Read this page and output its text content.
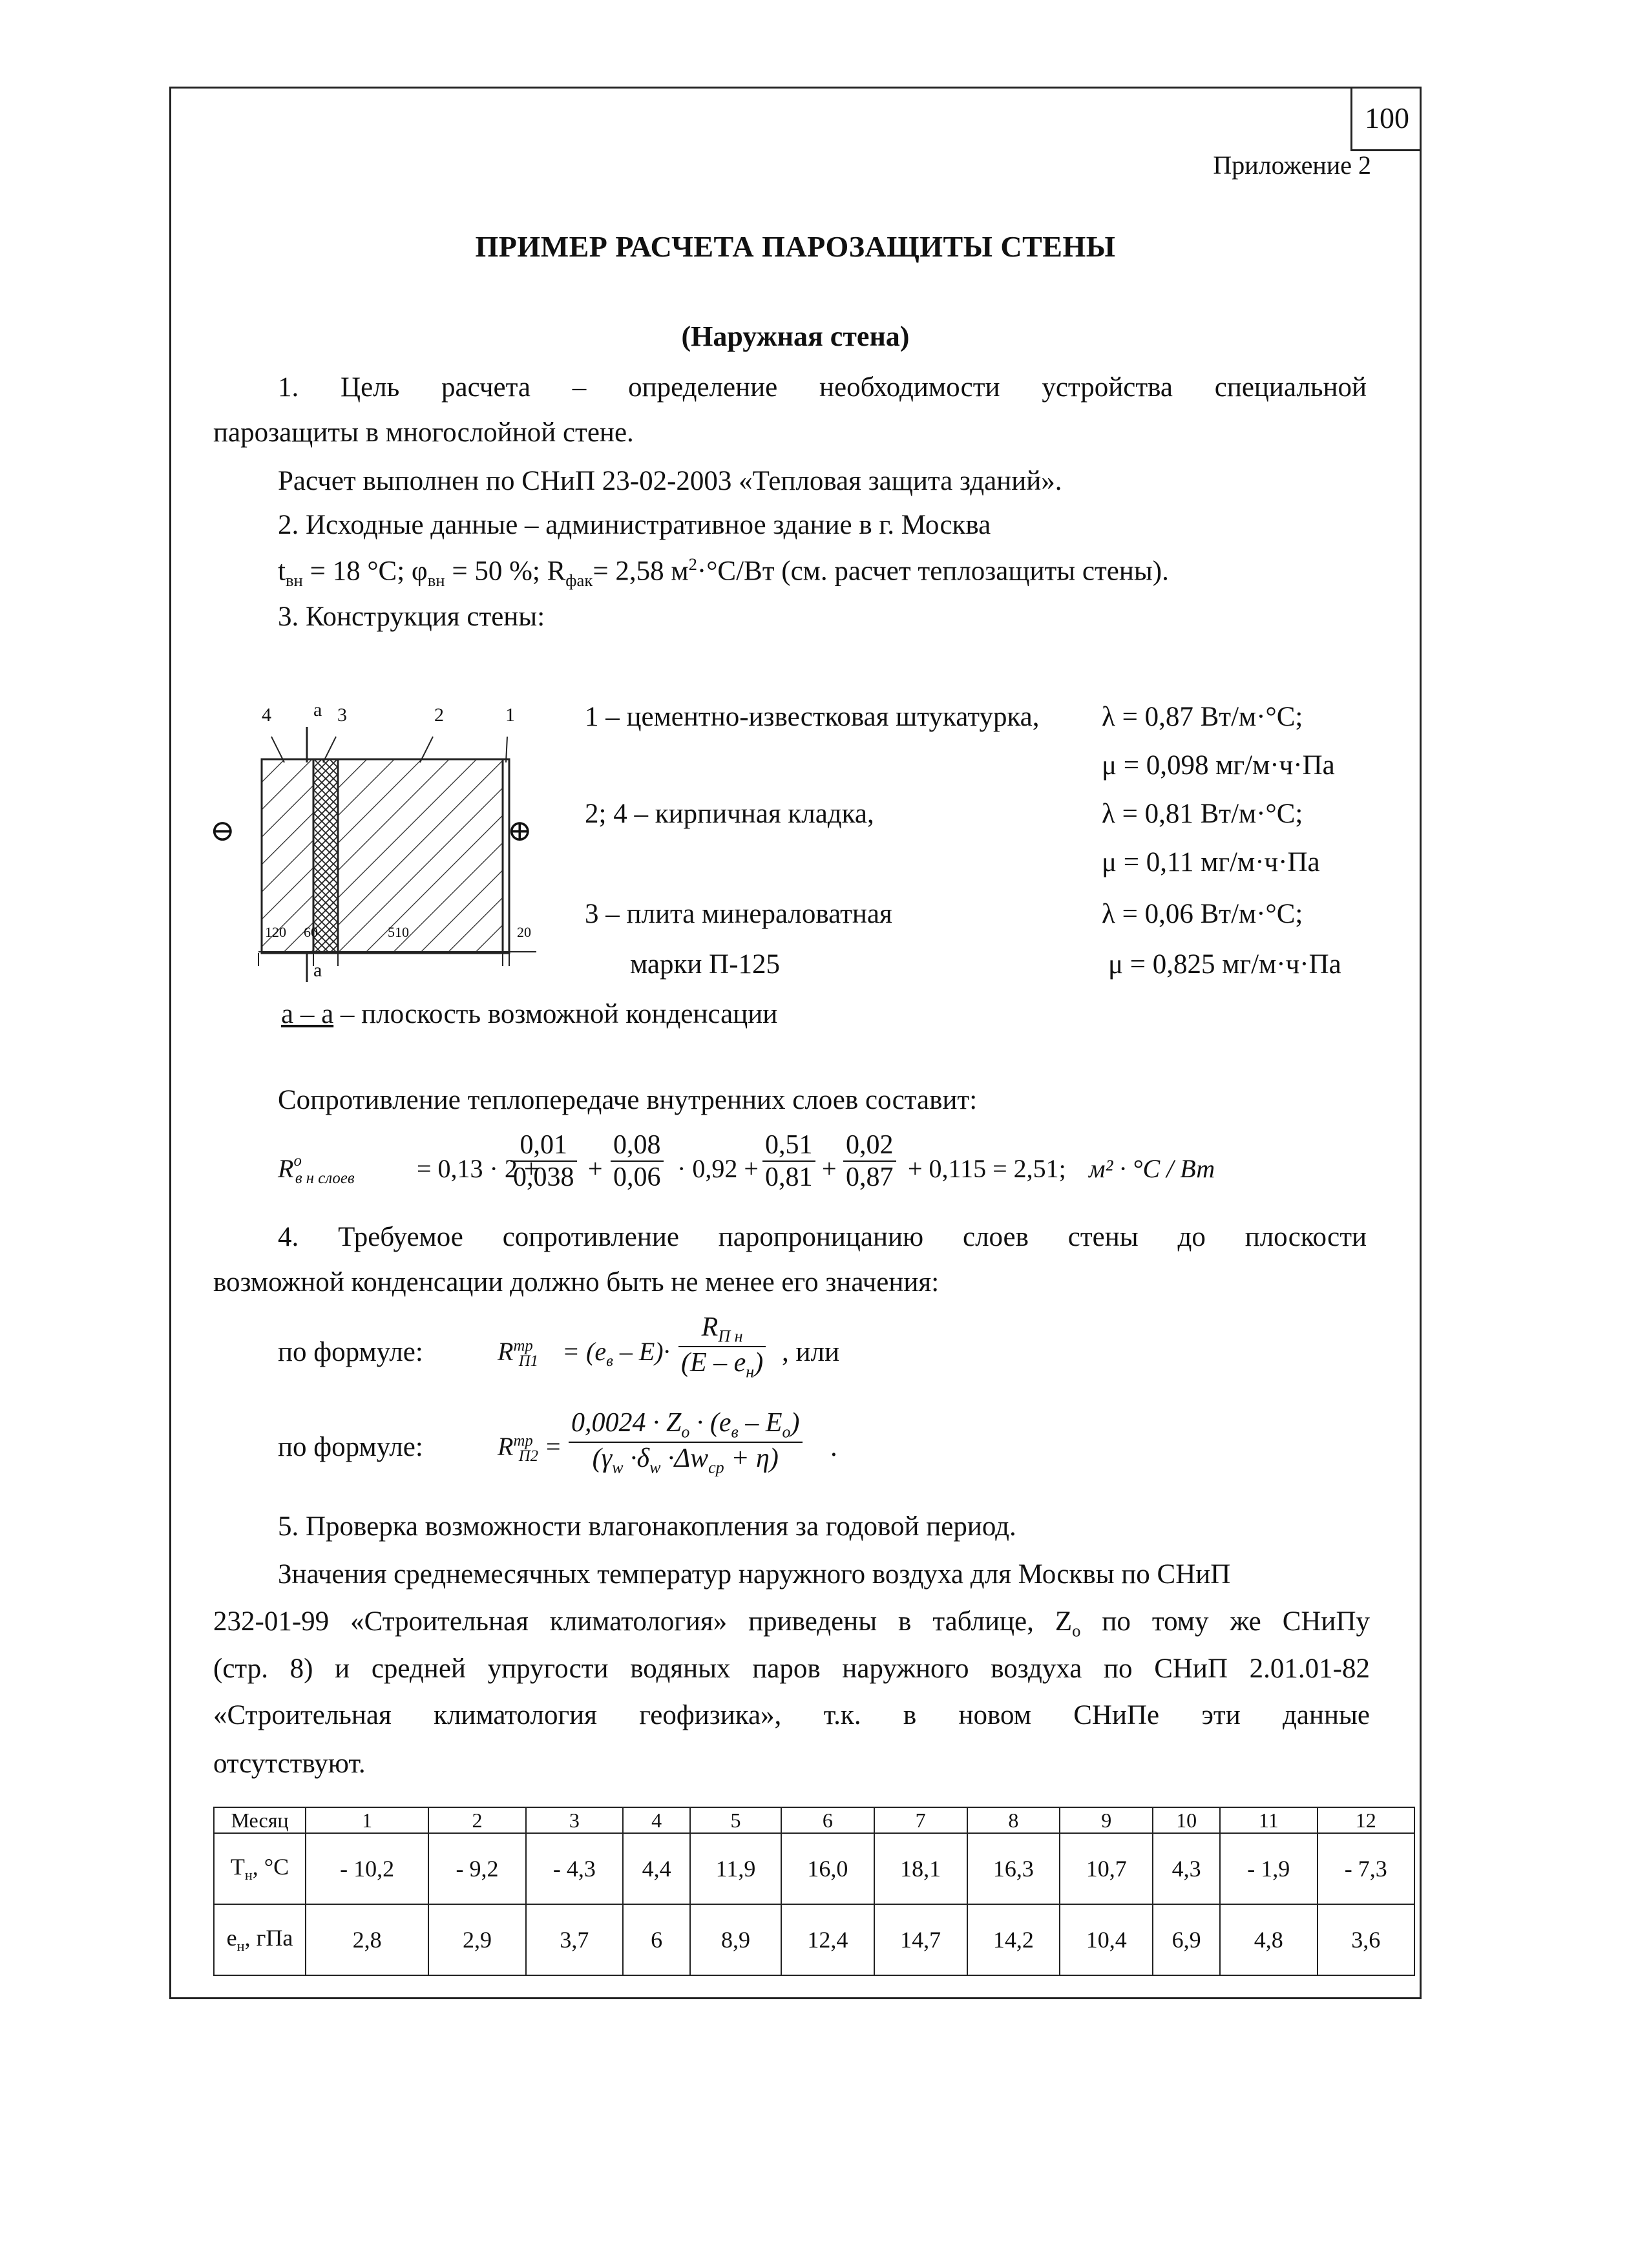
100
Приложение 2
ПРИМЕР РАСЧЕТА ПАРОЗАЩИТЫ СТЕНЫ
(Наружная стена)
1. Цель расчета – определение необходимости устройства специальной
парозащиты в многослойной стене.
Расчет выполнен по СНиП 23-02-2003 «Тепловая защита зданий».
2. Исходные данные – административное здание в г. Москва
$t_{вн} = 18$ °С; $\varphi_{вн} = 50$ %; $R_{фак}= 2,58$ $м^2\cdot^\circ С/Вт$ (см. расчет теплозащиты стены).
3. Конструкция стены:
4 а 3	2	1
⊖	⊕
120 60	510	20
а
1 – цементно-известковая штукатурка, λ = 0,87 Вт/м·°С;
μ = 0,098 мг/м·ч·Па
2; 4 – кирпичная кладка,	λ = 0,81 Вт/м·°С;
μ = 0,11 мг/м·ч·Па
3 – плита минераловатная	λ = 0,06 Вт/м·°С;
марки П-125	μ = 0,825 мг/м·ч·Па
а – а – плоскость возможной конденсации
Сопротивление теплопередаче внутренних слоев составит:
$R^o_{в н слоев} = 0,13 \cdot 2$ +
$\frac{0,01}{0,038} + \frac{0,08}{0,06} \cdot 0,92 + \frac{0,51}{0,81} + \frac{0,02}{0,87} + 0,115 = 2,51$; м² · °С / Вт
4. Требуемое сопротивление паропроницанию слоев стены до плоскости
возможной конденсации должно быть не менее его значения:
по формуле:	$R^{тр}_{П1} = (е_в - Е)\cdot$
$R_{П н}$
$(Е - е_н)$ , или
по формуле:	$R^{тр}_{П2}$ =
$0,0024 \cdot Z_o \cdot (е_в - Е_o)$
$(\gamma_w \cdot\delta_w \cdot\Delta w_{ср} + \eta)$	.
5. Проверка возможности влагонакопления за годовой период.
Значения среднемесячных температур наружного воздуха для Москвы по СНиП
232-01-99 «Строительная климатология» приведены в таблице, $Z_o$ по тому же СНиПу
(стр. 8) и средней упругости водяных паров наружного воздуха по СНиП 2.01.01-82
«Строительная климатология геофизика», т.к. в новом СНиПе эти данные
отсутствуют.
Месяц	1	2	3	4	5	6	7	8	9	10	11	12
$Т_н$, °С	- 10,2	- 9,2	- 4,3	4,4	11,9	16,0	18,1	16,3	10,7	4,3	- 1,9	- 7,3
$е_н$, гПа	2,8	2,9	3,7	6	8,9	12,4	14,7	14,2	10,4	6,9	4,8	3,6
